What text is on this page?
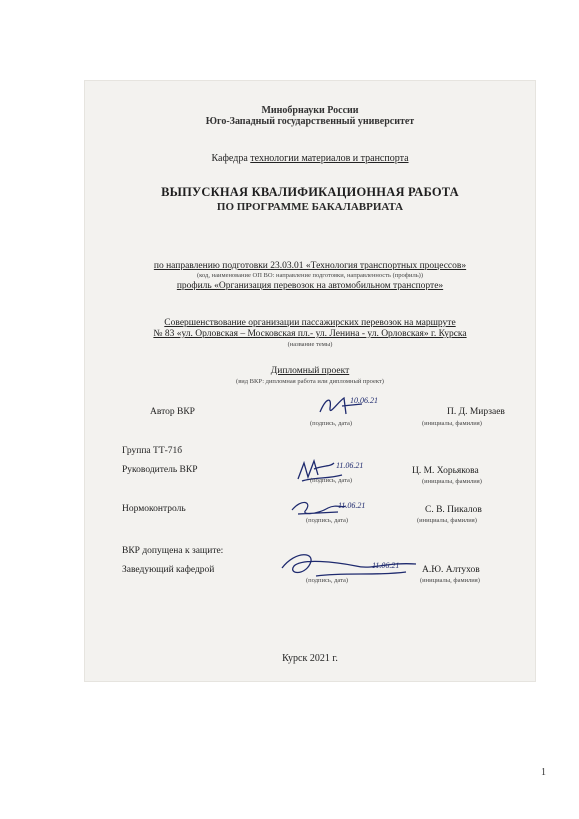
Минобрнауки России
Юго-Западный государственный университет
Кафедра технологии материалов и транспорта
ВЫПУСКНАЯ КВАЛИФИКАЦИОННАЯ РАБОТА
ПО ПРОГРАММЕ БАКАЛАВРИАТА
по направлению подготовки 23.03.01 «Технология транспортных процессов»
(код, наименование ОП ВО: направление подготовки, направленность (профиль))
профиль «Организация перевозок на автомобильном транспорте»
Совершенствование организации пассажирских перевозок на маршруте
№ 83 «ул. Орловская – Московская пл.- ул. Ленина - ул. Орловская» г. Курска
(название темы)
Дипломный проект
(вид ВКР: дипломная работа или дипломный проект)
Автор ВКР
10.06.21
(подпись, дата)
П. Д. Мирзаев
(инициалы, фамилия)
Группа ТТ-71б
Руководитель ВКР	11.06.21
(подпись, дата)
Ц. М. Хорьякова
(инициалы, фамилия)
Нормоконтроль	11.06.21
(подпись, дата)
С. В. Пикалов
(инициалы, фамилия)
ВКР допущена к защите:
Заведующий кафедрой	11.06.21
(подпись, дата)
А.Ю. Алтухов
(инициалы, фамилия)
Курск 2021 г.
1
